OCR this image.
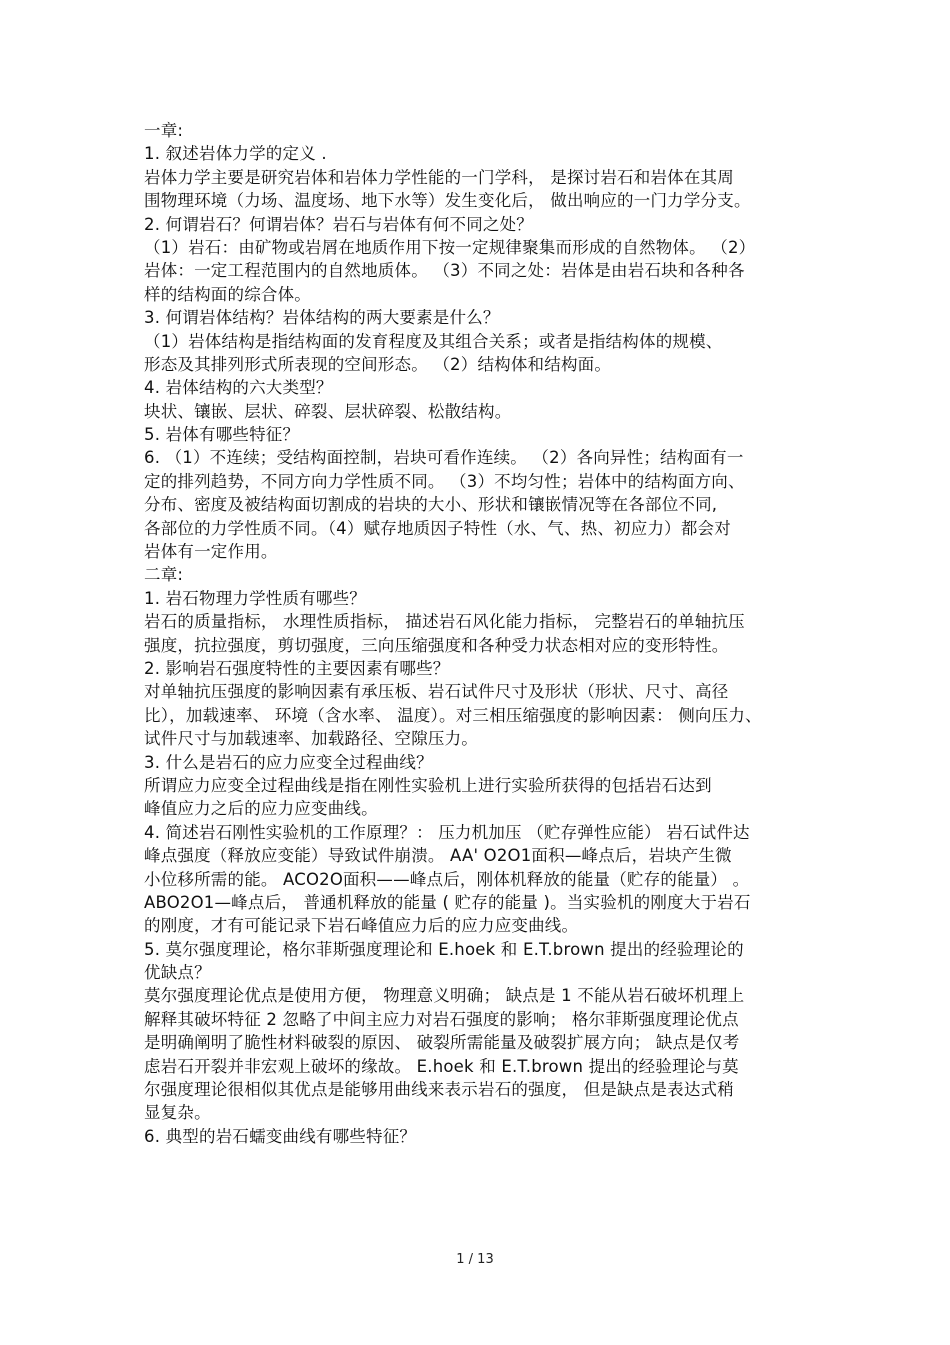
一章:
1. 叙述岩体力学的定义 .
岩体力学主要是研究岩体和岩体力学性能的一门学科， 是探讨岩石和岩体在其周
围物理环境（力场、温度场、地下水等）发生变化后， 做出响应的一门力学分支。
2. 何谓岩石？何谓岩体？岩石与岩体有何不同之处？
（1）岩石：由矿物或岩屑在地质作用下按一定规律聚集而形成的自然物体。 （2）
岩体：一定工程范围内的自然地质体。 （3）不同之处：岩体是由岩石块和各种各
样的结构面的综合体。
3. 何谓岩体结构？岩体结构的两大要素是什么？
（1）岩体结构是指结构面的发育程度及其组合关系；或者是指结构体的规模、
形态及其排列形式所表现的空间形态。 （2）结构体和结构面。
4. 岩体结构的六大类型？
块状、镶嵌、层状、碎裂、层状碎裂、松散结构。
5. 岩体有哪些特征？
6. （1）不连续；受结构面控制，岩块可看作连续。 （2）各向异性；结构面有一
定的排列趋势，不同方向力学性质不同。 （3）不均匀性；岩体中的结构面方向、
分布、密度及被结构面切割成的岩块的大小、形状和镶嵌情况等在各部位不同,
各部位的力学性质不同。（4）赋存地质因子特性（水、气、热、初应力）都会对
岩体有一定作用。
二章:
1. 岩石物理力学性质有哪些？
岩石的质量指标， 水理性质指标， 描述岩石风化能力指标， 完整岩石的单轴抗压
强度，抗拉强度，剪切强度，三向压缩强度和各种受力状态相对应的变形特性。
2. 影响岩石强度特性的主要因素有哪些？
对单轴抗压强度的影响因素有承压板、岩石试件尺寸及形状（形状、尺寸、高径
比），加载速率、 环境（含水率、 温度）。对三相压缩强度的影响因素： 侧向压力、
试件尺寸与加载速率、加载路径、空隙压力。
3. 什么是岩石的应力应变全过程曲线？
所谓应力应变全过程曲线是指在刚性实验机上进行实验所获得的包括岩石达到
峰值应力之后的应力应变曲线。
4. 简述岩石刚性实验机的工作原理？： 压力机加压 （贮存弹性应能） 岩石试件达
峰点强度（释放应变能）导致试件崩溃。 AA' O2O1面积—峰点后，岩块产生微
小位移所需的能。 ACO2O面积——峰点后，刚体机释放的能量（贮存的能量） 。
ABO2O1—峰点后， 普通机释放的能量 ( 贮存的能量 )。当实验机的刚度大于岩石
的刚度，才有可能记录下岩石峰值应力后的应力应变曲线。
5. 莫尔强度理论，格尔菲斯强度理论和 E.hoek 和 E.T.brown 提出的经验理论的
优缺点？
莫尔强度理论优点是使用方便， 物理意义明确； 缺点是 1 不能从岩石破坏机理上
解释其破坏特征 2 忽略了中间主应力对岩石强度的影响； 格尔菲斯强度理论优点
是明确阐明了脆性材料破裂的原因、 破裂所需能量及破裂扩展方向； 缺点是仅考
虑岩石开裂并非宏观上破坏的缘故。 E.hoek 和 E.T.brown 提出的经验理论与莫
尔强度理论很相似其优点是能够用曲线来表示岩石的强度， 但是缺点是表达式稍
显复杂。
6. 典型的岩石蠕变曲线有哪些特征？
1 / 13
